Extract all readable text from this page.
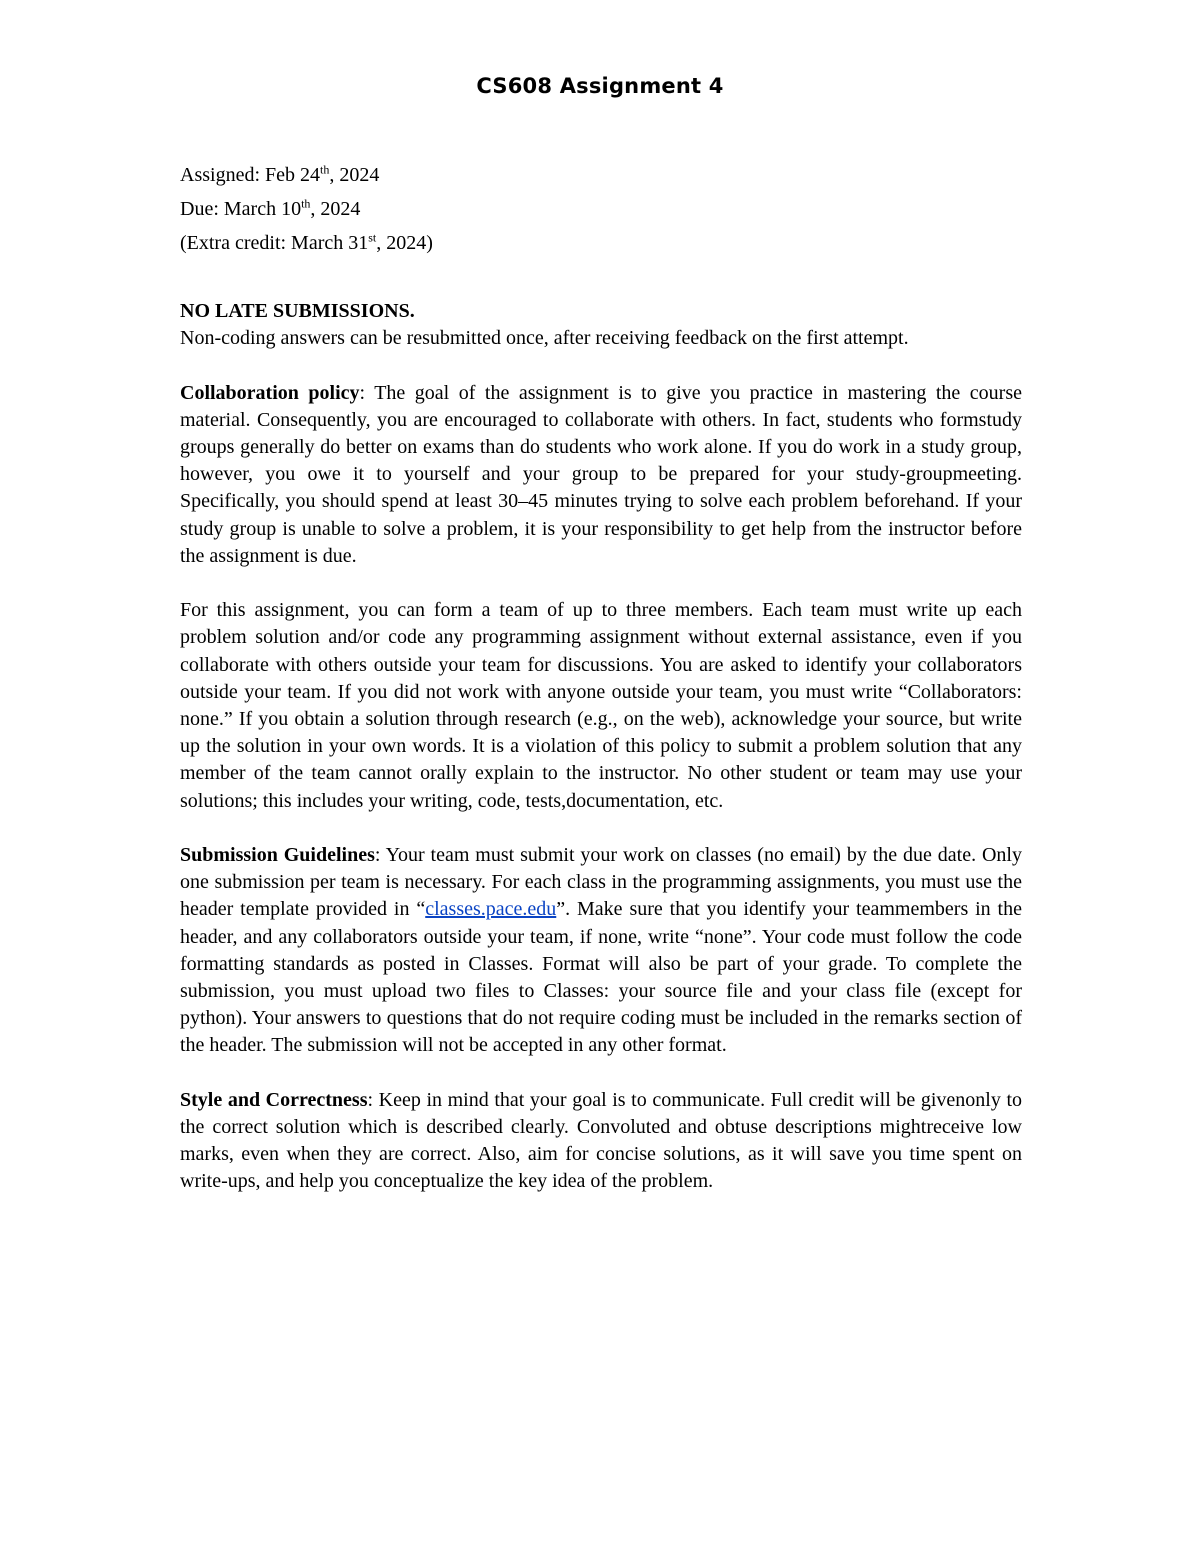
CS608 Assignment 4
Assigned: Feb 24th, 2024
Due: March 10th, 2024
(Extra credit: March 31st, 2024)

NO LATE SUBMISSIONS.

Non-coding answers can be resubmitted once, after receiving feedback on the first attempt.

Collaboration policy: The goal of the assignment is to give you practice in mastering the course material. Consequently, you are encouraged to collaborate with others. In fact, students who formstudy groups generally do better on exams than do students who work alone. If you do work in a study group, however, you owe it to yourself and your group to be prepared for your study-groupmeeting. Specifically, you should spend at least 30–45 minutes trying to solve each problem beforehand. If your study group is unable to solve a problem, it is your responsibility to get help from the instructor before the assignment is due.

For this assignment, you can form a team of up to three members. Each team must write up each problem solution and/or code any programming assignment without external assistance, even if you collaborate with others outside your team for discussions. You are asked to identify your collaborators outside your team. If you did not work with anyone outside your team, you must write “Collaborators: none.” If you obtain a solution through research (e.g., on the web), acknowledge your source, but write up the solution in your own words. It is a violation of this policy to submit a problem solution that any member of the team cannot orally explain to the instructor. No other student or team may use your solutions; this includes your writing, code, tests,documentation, etc.

Submission Guidelines: Your team must submit your work on classes (no email) by the due date. Only one submission per team is necessary. For each class in the programming assignments, you must use the header template provided in “classes.pace.edu”. Make sure that you identify your teammembers in the header, and any collaborators outside your team, if none, write “none”. Your code must follow the code formatting standards as posted in Classes. Format will also be part of your grade. To complete the submission, you must upload two files to Classes: your source file and your class file (except for python). Your answers to questions that do not require coding must be included in the remarks section of the header. The submission will not be accepted in any other format.

Style and Correctness: Keep in mind that your goal is to communicate. Full credit will be givenonly to the correct solution which is described clearly. Convoluted and obtuse descriptions mightreceive low marks, even when they are correct. Also, aim for concise solutions, as it will save you time spent on write-ups, and help you conceptualize the key idea of the problem.
